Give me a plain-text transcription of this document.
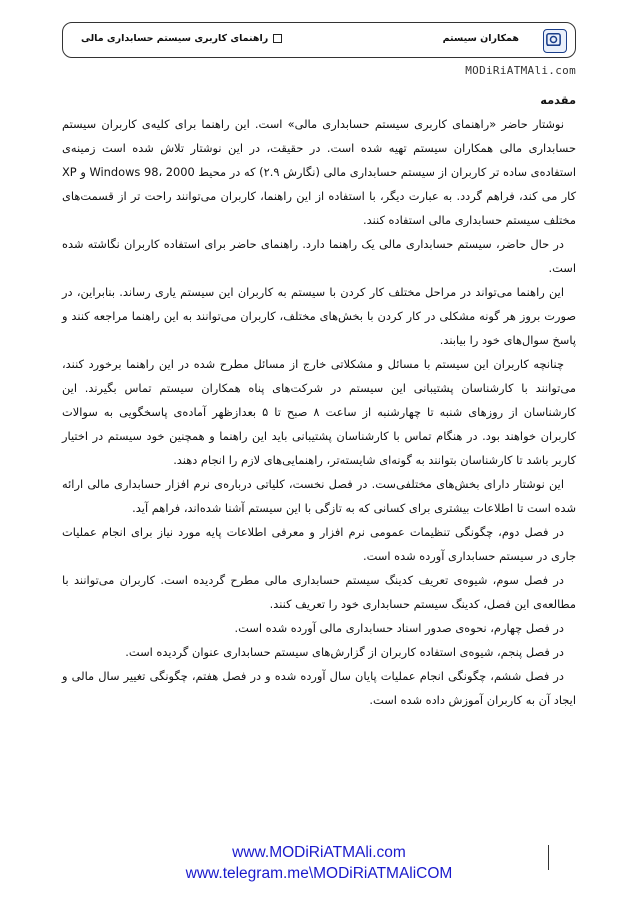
راهنمای کاربری سیستم حسابداری مالی	همکاران سیستم
MODiRiATMAli.com
مقدمه

نوشتار حاضر «راهنمای کاربری سیستم حسابداری مالی» است. این راهنما برای کلیه‌ی کاربران سیستم حسابداری مالی همکاران سیستم تهیه شده است. در حقیقت، در این نوشتار تلاش شده است زمینه‌ی استفاده‌ی ساده تر کاربران از سیستم حسابداری مالی (نگارش ۲.۹) که در محیط Windows 98، 2000 و XP کار می کند، فراهم گردد. به عبارت دیگر، با استفاده از این راهنما، کاربران می‌توانند راحت تر از قسمت‌های مختلف سیستم حسابداری مالی استفاده کنند.

در حال حاضر، سیستم حسابداری مالی یک راهنما دارد. راهنمای حاضر برای استفاده کاربران نگاشته شده است.

این راهنما می‌تواند در مراحل مختلف کار کردن با سیستم به کاربران این سیستم یاری رساند. بنابراین، در صورت بروز هر گونه مشکلی در کار کردن با بخش‌های مختلف، کاربران می‌توانند به این راهنما مراجعه کنند و پاسخ سوال‌های خود را بیابند.

چنانچه کاربران این سیستم با مسائل و مشکلاتی خارج از مسائل مطرح شده در این راهنما برخورد کنند، می‌توانند با کارشناسان پشتیبانی این سیستم در شرکت‌های پناه همکاران سیستم تماس بگیرند. این کارشناسان از روزهای شنبه تا چهارشنبه از ساعت ۸ صبح تا ۵ بعدازظهر آماده‌ی پاسخگویی به سوالات کاربران خواهند بود. در هنگام تماس با کارشناسان پشتیبانی باید این راهنما و همچنین خود سیستم در اختیار کاربر باشد تا کارشناسان بتوانند به گونه‌ای شایسته‌تر، راهنمایی‌های لازم را انجام دهند.

این نوشتار دارای بخش‌های مختلفی‌ست. در فصل نخست، کلیاتی درباره‌ی نرم افزار حسابداری مالی ارائه شده است تا اطلاعات بیشتری برای کسانی که به تازگی با این سیستم آشنا شده‌اند، فراهم آید.

در فصل دوم، چگونگی تنظیمات عمومی نرم افزار و معرفی اطلاعات پایه مورد نیاز برای انجام عملیات جاری در سیستم حسابداری آورده شده است.

در فصل سوم، شیوه‌ی تعریف کدینگ سیستم حسابداری مالی مطرح گردیده است. کاربران می‌توانند با مطالعه‌ی این فصل، کدینگ سیستم حسابداری خود را تعریف کنند.

در فصل چهارم، نحوه‌ی صدور اسناد حسابداری مالی آورده شده است.

در فصل پنجم، شیوه‌ی استفاده کاربران از گزارش‌های سیستم حسابداری عنوان گردیده است.

در فصل ششم، چگونگی انجام عملیات پایان سال آورده شده و در فصل هفتم، چگونگی تغییر سال مالی و ایجاد آن به کاربران آموزش داده شده است.

www.MODiRiATMAli.com
www.telegram.me\MODiRiATMAliCOM
